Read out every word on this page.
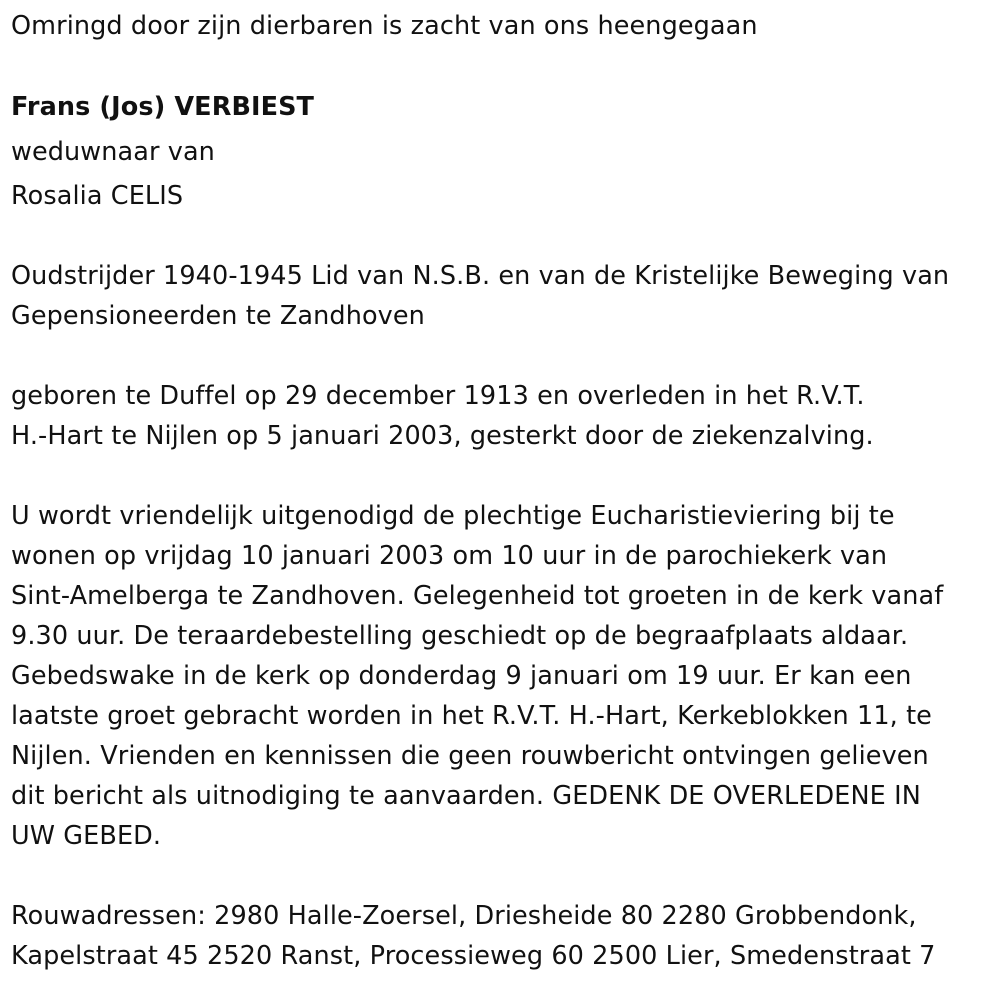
Omringd door zijn dierbaren is zacht van ons heengegaan
Frans (Jos) VERBIEST
weduwnaar van
Rosalia CELIS
Oudstrijder 1940-1945 Lid van N.S.B. en van de Kristelijke Beweging van
Gepensioneerden te Zandhoven
geboren te Duffel op 29 december 1913 en overleden in het R.V.T.
H.-Hart te Nijlen op 5 januari 2003, gesterkt door de ziekenzalving.
U wordt vriendelijk uitgenodigd de plechtige Eucharistieviering bij te
wonen op vrijdag 10 januari 2003 om 10 uur in de parochiekerk van
Sint-Amelberga te Zandhoven. Gelegenheid tot groeten in de kerk vanaf
9.30 uur. De teraardebestelling geschiedt op de begraafplaats aldaar.
Gebedswake in de kerk op donderdag 9 januari om 19 uur. Er kan een
laatste groet gebracht worden in het R.V.T. H.-Hart, Kerkeblokken 11, te
Nijlen. Vrienden en kennissen die geen rouwbericht ontvingen gelieven
dit bericht als uitnodiging te aanvaarden. GEDENK DE OVERLEDENE IN
UW GEBED.
Rouwadressen: 2980 Halle-Zoersel, Driesheide 80 2280 Grobbendonk,
Kapelstraat 45 2520 Ranst, Processieweg 60 2500 Lier, Smedenstraat 7
